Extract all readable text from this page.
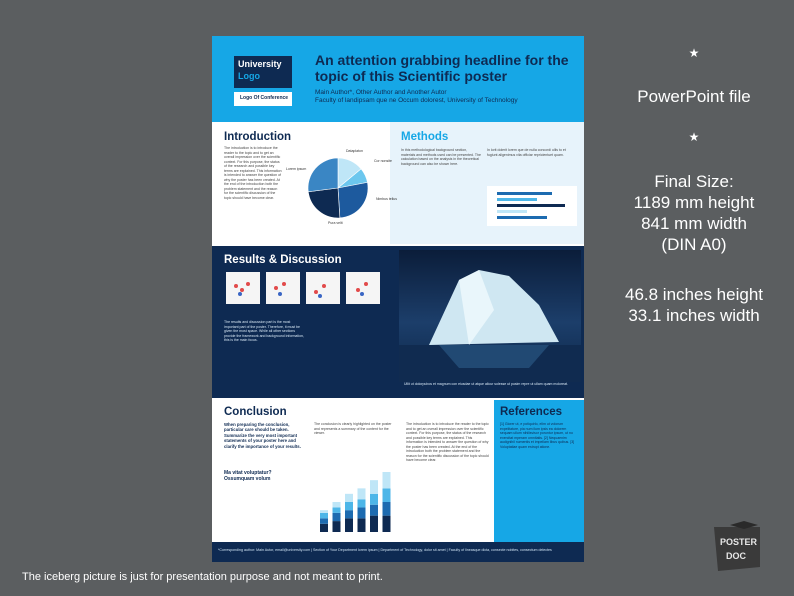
University
Logo
Logo Of Conference
An attention grabbing headline for the topic of this Scientific poster
Main Author*, Other Author and Another Autor
Faculty of landipsam que ne Occum dolorest, University of Technology
Introduction
The introduction is to introduce the reader to the topic and to get an overall impression over the scientific context. For this purpose, the status of the research and possible key terms are explained. This information is intended to answer the question of why the poster has been created. At the end of the introduction both the problem statement and the reason for the scientific discussion of the topic should have become clear.
Dataplaton
Cor nonsite
Nimbus tellus
Pura velit
Lorem ipsum
Methods
In this methodological background section, materials and methods used can be presented. The calculation based on the analysis in the theoretical background can also be shown here.
In lorit dolerit lorem que de nulla concordi ullis to et fugiunt aligenimus vita officiar repricientuet quam.
Results & Discussion
The results and discussion part is the most important part of the poster. Therefore, it must be given the most space. While all other sections provide the framework and background information, this is the main focus.
Ullit ut dolorpubos et magnum con eiusdae ut atque alicur solesse ut pusim repre ut ullam quam moloreat.
Conclusion
When preparing the conclusion, particular care should be taken. Summarize the very most important statements of your poster here and clarify the importance of your results.
Ma vitat voluptatur? Ossumquam volum
The conclusion is clearly highlighted on the poster and represents a summary of the content for the viewer.
The introduction is to introduce the reader to the topic and to get an overall impression over the scientific context. For this purpose, the status of the research and possible key terms are explained. This information is intended to answer the question of why the poster has been created. At the end of the introduction both the problem statement and the reason for the scientific discussion of the topic should have become clear.
References
[1] Glorer ut, e potiquirlo, elim ut volorum expelitature, pia num ilum ipsis ea dolorem sequam ullum nihilisvisor poruntur ipsum, ut no exercitat mperam omnitatis. [2] Nequaenim audignihil numentis et impellam libus quibus. [3] Voluptatiae quam estrupt atione.
*Corresponding author: Main Autor, email@university.com | Section of Your Department lorem ipsum | Department of Technology, dolor sit amet | Faculty of lineasque dicta, consecte nobites, consectum delectes
★
PowerPoint file
★
Final Size:
1189 mm height
841 mm width
(DIN A0)
46.8 inches height
33.1 inches width
The iceberg picture is just for presentation purpose and not meant to print.
POSTER
DOC
